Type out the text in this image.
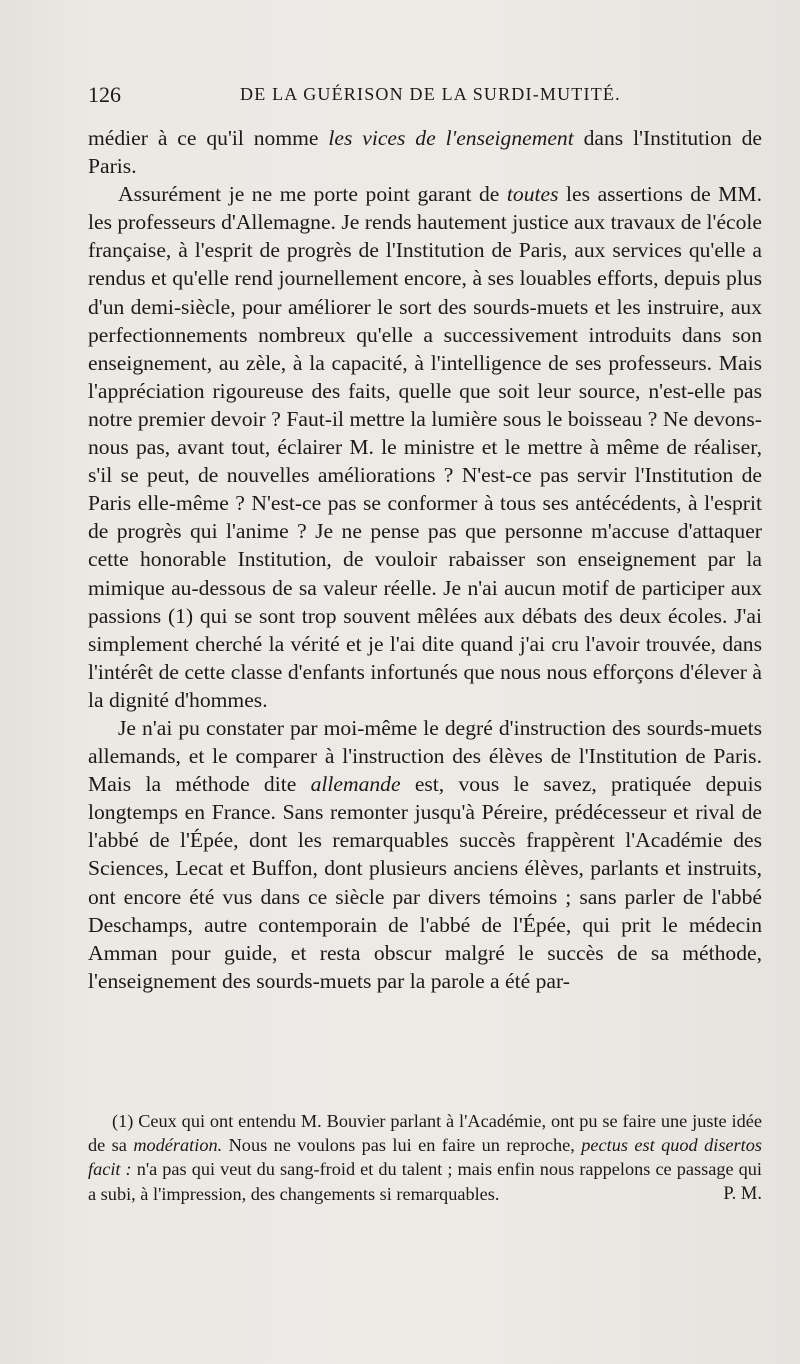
126	DE LA GUÉRISON DE LA SURDI-MUTITÉ.

médier à ce qu'il nomme les vices de l'enseignement dans l'Institution de Paris.

Assurément je ne me porte point garant de toutes les assertions de MM. les professeurs d'Allemagne. Je rends hautement justice aux travaux de l'école française, à l'esprit de progrès de l'Institution de Paris, aux services qu'elle a rendus et qu'elle rend journellement encore, à ses louables efforts, depuis plus d'un demi-siècle, pour améliorer le sort des sourds-muets et les instruire, aux perfectionnements nombreux qu'elle a successivement introduits dans son enseignement, au zèle, à la capacité, à l'intelligence de ses professeurs. Mais l'appréciation rigoureuse des faits, quelle que soit leur source, n'est-elle pas notre premier devoir ? Faut-il mettre la lumière sous le boisseau ? Ne devons-nous pas, avant tout, éclairer M. le ministre et le mettre à même de réaliser, s'il se peut, de nouvelles améliorations ? N'est-ce pas servir l'Institution de Paris elle-même ? N'est-ce pas se conformer à tous ses antécédents, à l'esprit de progrès qui l'anime ? Je ne pense pas que personne m'accuse d'attaquer cette honorable Institution, de vouloir rabaisser son enseignement par la mimique au-dessous de sa valeur réelle. Je n'ai aucun motif de participer aux passions (1) qui se sont trop souvent mêlées aux débats des deux écoles. J'ai simplement cherché la vérité et je l'ai dite quand j'ai cru l'avoir trouvée, dans l'intérêt de cette classe d'enfants infortunés que nous nous efforçons d'élever à la dignité d'hommes.

Je n'ai pu constater par moi-même le degré d'instruction des sourds-muets allemands, et le comparer à l'instruction des élèves de l'Institution de Paris. Mais la méthode dite allemande est, vous le savez, pratiquée depuis longtemps en France. Sans remonter jusqu'à Péreire, prédécesseur et rival de l'abbé de l'Épée, dont les remarquables succès frappèrent l'Académie des Sciences, Lecat et Buffon, dont plusieurs anciens élèves, parlants et instruits, ont encore été vus dans ce siècle par divers témoins ; sans parler de l'abbé Deschamps, autre contemporain de l'abbé de l'Épée, qui prit le médecin Amman pour guide, et resta obscur malgré le succès de sa méthode, l'enseignement des sourds-muets par la parole a été par-

(1) Ceux qui ont entendu M. Bouvier parlant à l'Académie, ont pu se faire une juste idée de sa modération. Nous ne voulons pas lui en faire un reproche, pectus est quod disertos facit : n'a pas qui veut du sang-froid et du talent ; mais enfin nous rappelons ce passage qui a subi, à l'impression, des changements si remarquables.	P. M.
